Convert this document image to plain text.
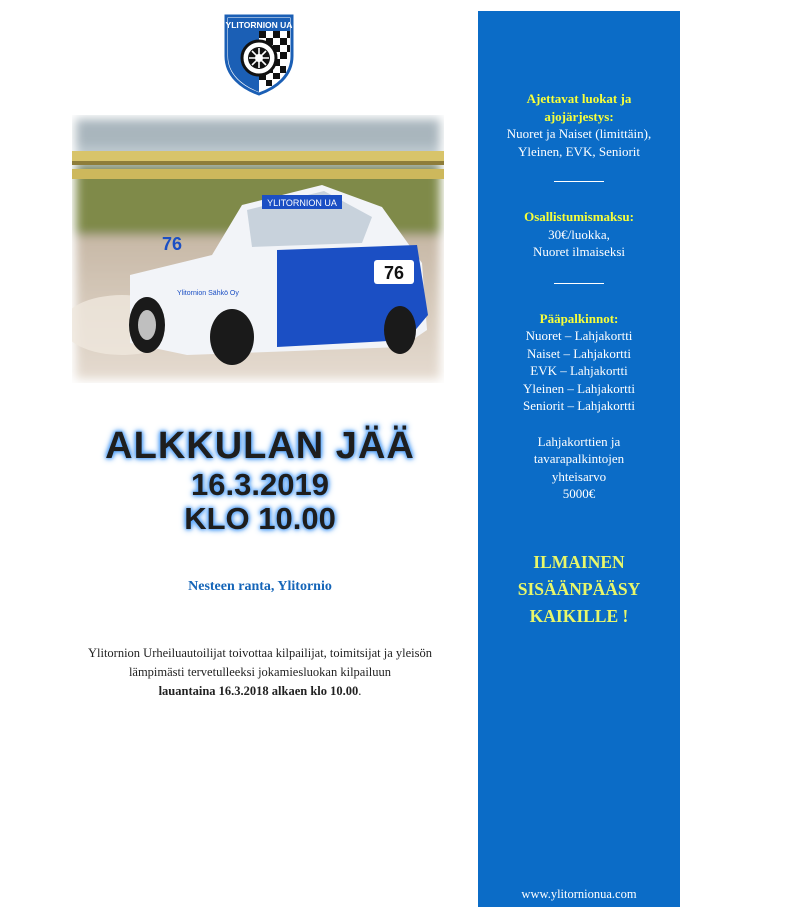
YLITORNION UA
YLITORNION UA
76
76
Ylitornion Sähkö Oy
ALKKULAN JÄÄ
16.3.2019
KLO 10.00
Nesteen ranta, Ylitornio
Ylitornion Urheiluautoilijat toivottaa kilpailijat, toimitsijat ja yleisön
lämpimästi tervetulleeksi jokamiesluokan kilpailuun
lauantaina 16.3.2018 alkaen klo 10.00.
Ajettavat luokat ja
ajojärjestys:
Nuoret ja Naiset (limittäin),
Yleinen, EVK, Seniorit
Osallistumismaksu:
30€/luokka,
Nuoret ilmaiseksi
Pääpalkinnot:
Nuoret – Lahjakortti
Naiset – Lahjakortti
EVK – Lahjakortti
Yleinen – Lahjakortti
Seniorit – Lahjakortti
Lahjakorttien ja
tavarapalkintojen
yhteisarvo
5000€
ILMAINEN
SISÄÄNPÄÄSY
KAIKILLE !
www.ylitornionua.com
